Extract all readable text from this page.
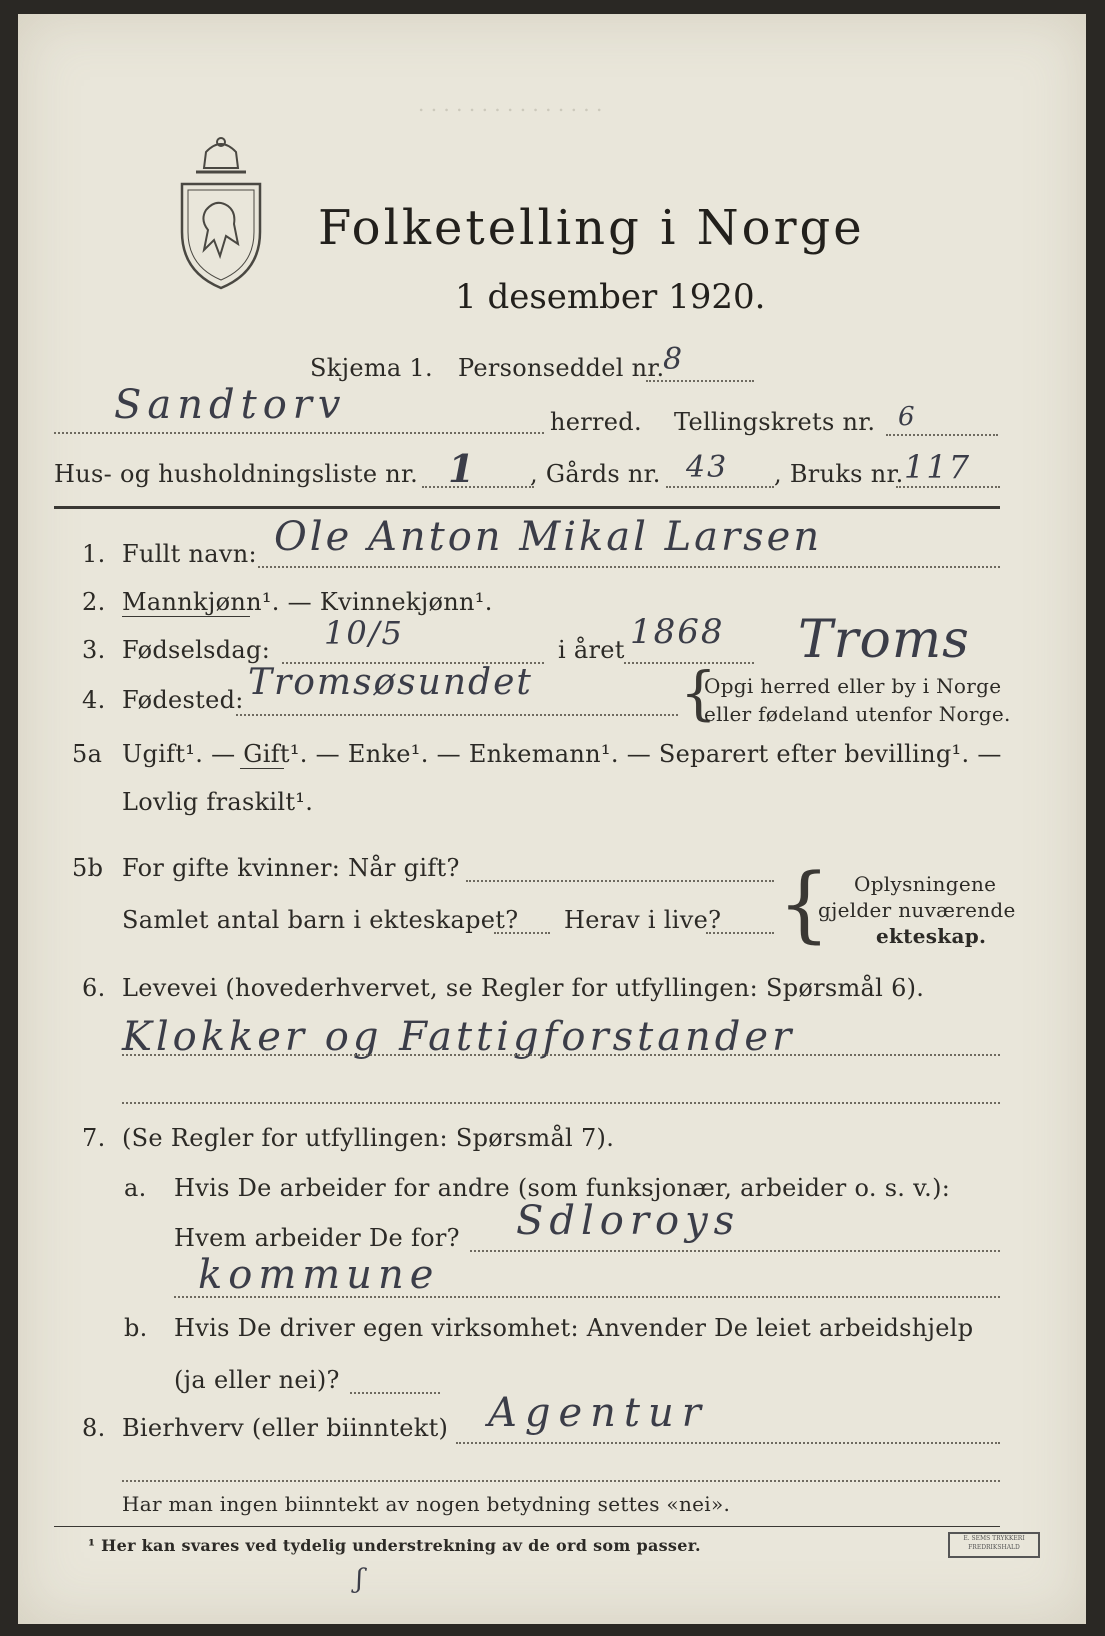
. . . . . . . . . . . . . . .
Folketelling i Norge
1 desember 1920.
Skjema 1. Personseddel nr.
8
Sandtorv	herred. Tellingskrets nr. 6
Hus- og husholdningsliste nr. 1 , Gårds nr. 43 , Bruks nr. 117
1. Fullt navn: Ole Anton Mikal Larsen
2. Mannkjønn¹. — Kvinnekjønn¹.
3. Fødselsdag: 10/5	i året 1868 Troms
4. Fødested: Tromsøsundet	{
Opgi herred eller by i Norge
eller fødeland utenfor Norge.
5a Ugift¹. — Gift¹. — Enke¹. — Enkemann¹. — Separert efter bevilling¹. —
Lovlig fraskilt¹.
5b For gifte kvinner: Når gift?
Samlet antal barn i ekteskapet? Herav i live? { Oplysningene
gjelder nuværende
ekteskap.
6. Levevei (hovederhvervet, se Regler for utfyllingen: Spørsmål 6).
Klokker og Fattigforstander
7. (Se Regler for utfyllingen: Spørsmål 7).
a. Hvis De arbeider for andre (som funksjonær, arbeider o. s. v.):
Hvem arbeider De for? Sdloroys
kommune
b. Hvis De driver egen virksomhet: Anvender De leiet arbeidshjelp
(ja eller nei)?
8. Bierhverv (eller biinntekt) Agentur
Har man ingen biinntekt av nogen betydning settes «nei».
¹ Her kan svares ved tydelig understrekning av de ord som passer.	E. SEMS TRYKKERI FREDRIKSHALD
ʃ
